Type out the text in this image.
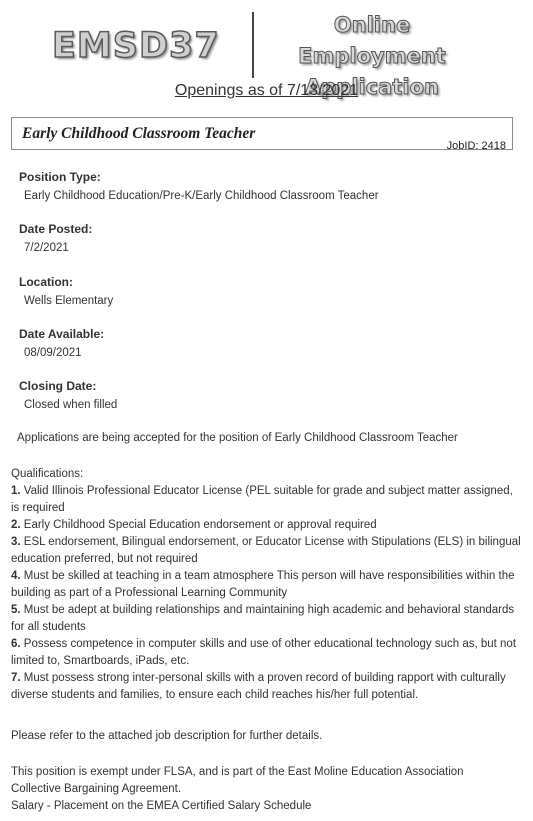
EMSD37
Online Employment
Application
Openings as of 7/13/2021
Early Childhood Classroom Teacher
JobID: 2418
Position Type:
Early Childhood Education/Pre-K/Early Childhood Classroom Teacher
Date Posted:
7/2/2021
Location:
Wells Elementary
Date Available:
08/09/2021
Closing Date:
Closed when filled
Applications are being accepted for the position of Early Childhood Classroom Teacher
Qualifications:
1. Valid Illinois Professional Educator License (PEL suitable for grade and subject matter assigned, is required
2. Early Childhood Special Education endorsement or approval required
3. ESL endorsement, Bilingual endorsement, or Educator License with Stipulations (ELS) in bilingual education preferred, but not required
4. Must be skilled at teaching in a team atmosphere This person will have responsibilities within the building as part of a Professional Learning Community
5. Must be adept at building relationships and maintaining high academic and behavioral standards for all students
6. Possess competence in computer skills and use of other educational technology such as, but not limited to, Smartboards, iPads, etc.
7. Must possess strong inter-personal skills with a proven record of building rapport with culturally diverse students and families, to ensure each child reaches his/her full potential.
Please refer to the attached job description for further details.
This position is exempt under FLSA, and is part of the East Moline Education Association Collective Bargaining Agreement.
Salary - Placement on the EMEA Certified Salary Schedule
